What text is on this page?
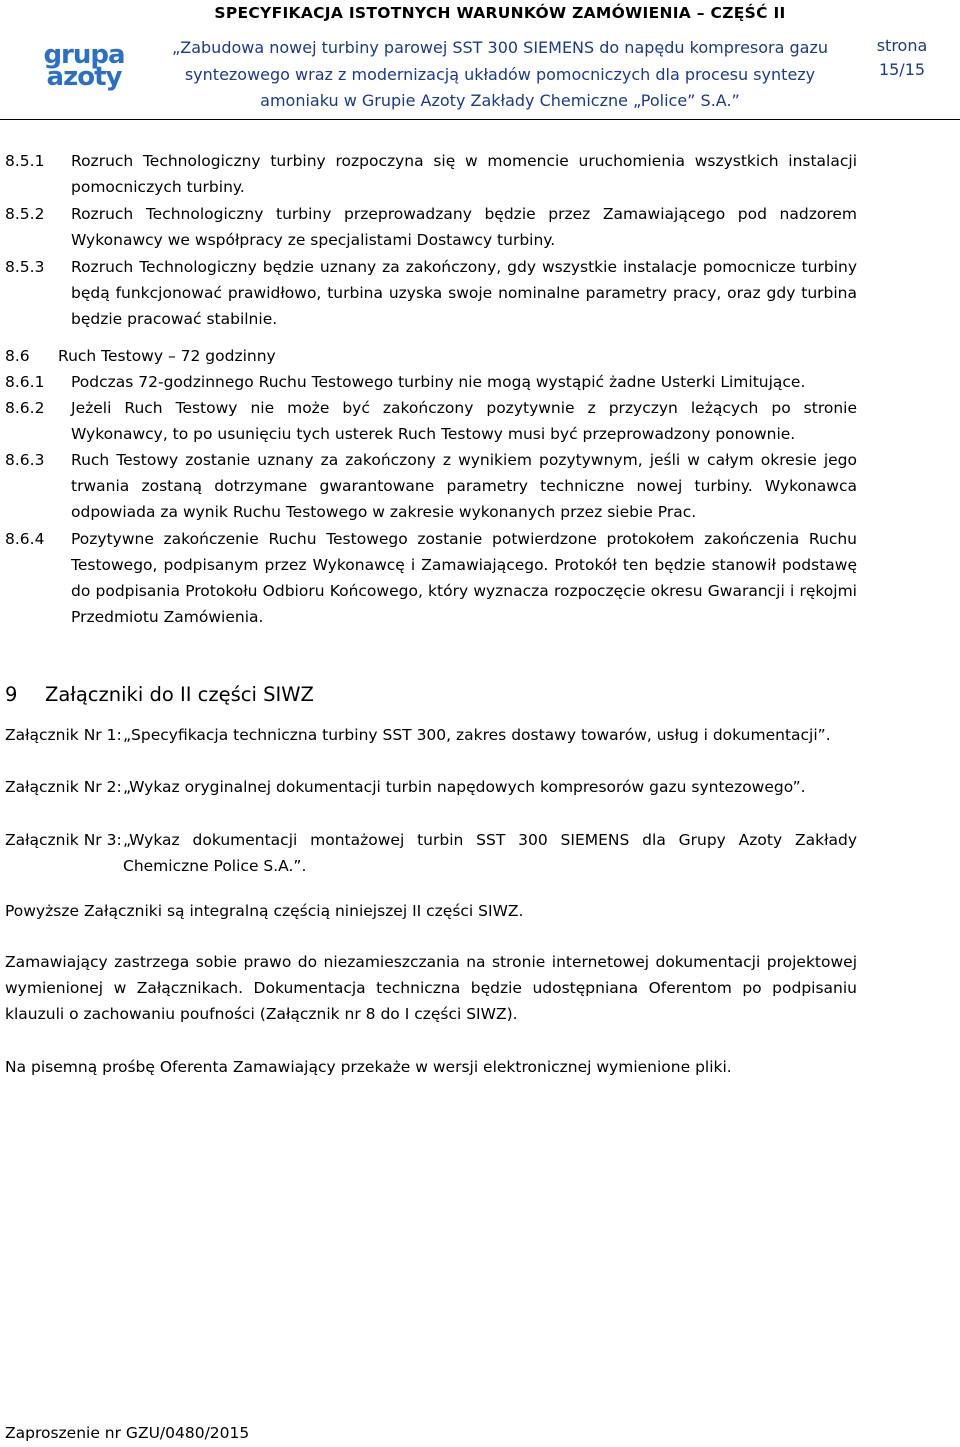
grupa
azoty
SPECYFIKACJA ISTOTNYCH WARUNKÓW ZAMÓWIENIA – CZĘŚĆ II
„Zabudowa nowej turbiny parowej SST 300 SIEMENS do napędu kompresora gazu
syntezowego wraz z modernizacją układów pomocniczych dla procesu syntezy
amoniaku w Grupie Azoty Zakłady Chemiczne „Police” S.A.”
strona
15/15
8.5.1 Rozruch Technologiczny turbiny rozpoczyna się w momencie uruchomienia wszystkich instalacji pomocniczych turbiny.
8.5.2 Rozruch Technologiczny turbiny przeprowadzany będzie przez Zamawiającego pod nadzorem Wykonawcy we współpracy ze specjalistami Dostawcy turbiny.
8.5.3 Rozruch Technologiczny będzie uznany za zakończony, gdy wszystkie instalacje pomocnicze turbiny będą funkcjonować prawidłowo, turbina uzyska swoje nominalne parametry pracy, oraz gdy turbina będzie pracować stabilnie.
8.6 Ruch Testowy – 72 godzinny
8.6.1 Podczas 72-godzinnego Ruchu Testowego turbiny nie mogą wystąpić żadne Usterki Limitujące.
8.6.2 Jeżeli Ruch Testowy nie może być zakończony pozytywnie z przyczyn leżących po stronie Wykonawcy, to po usunięciu tych usterek Ruch Testowy musi być przeprowadzony ponownie.
8.6.3 Ruch Testowy zostanie uznany za zakończony z wynikiem pozytywnym, jeśli w całym okresie jego trwania zostaną dotrzymane gwarantowane parametry techniczne nowej turbiny. Wykonawca odpowiada za wynik Ruchu Testowego w zakresie wykonanych przez siebie Prac.
8.6.4 Pozytywne zakończenie Ruchu Testowego zostanie potwierdzone protokołem zakończenia Ruchu Testowego, podpisanym przez Wykonawcę i Zamawiającego. Protokół ten będzie stanowił podstawę do podpisania Protokołu Odbioru Końcowego, który wyznacza rozpoczęcie okresu Gwarancji i rękojmi Przedmiotu Zamówienia.
9 Załączniki do II części SIWZ
Załącznik Nr 1: „Specyfikacja techniczna turbiny SST 300, zakres dostawy towarów, usług i dokumentacji”.
Załącznik Nr 2: „Wykaz oryginalnej dokumentacji turbin napędowych kompresorów gazu syntezowego”.
Załącznik Nr 3: „Wykaz dokumentacji montażowej turbin SST 300 SIEMENS dla Grupy Azoty Zakłady Chemiczne Police S.A.”.
Powyższe Załączniki są integralną częścią niniejszej II części SIWZ.
Zamawiający zastrzega sobie prawo do niezamieszczania na stronie internetowej dokumentacji projektowej wymienionej w Załącznikach. Dokumentacja techniczna będzie udostępniana Oferentom po podpisaniu klauzuli o zachowaniu poufności (Załącznik nr 8 do I części SIWZ).
Na pisemną prośbę Oferenta Zamawiający przekaże w wersji elektronicznej wymienione pliki.
Zaproszenie nr GZU/0480/2015
